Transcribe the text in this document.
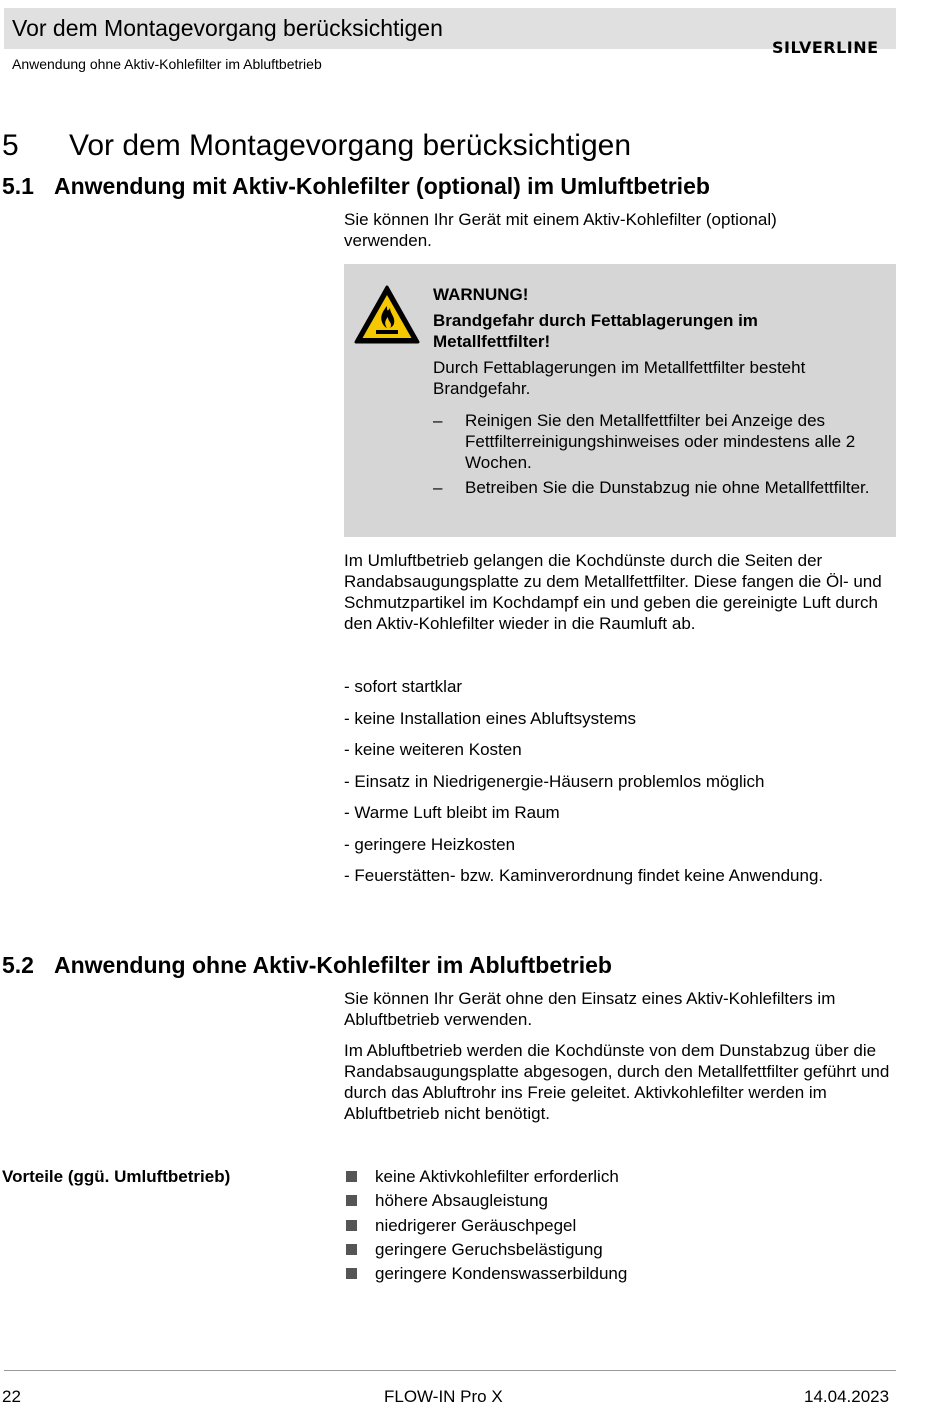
Vor dem Montagevorgang berücksichtigen
Anwendung ohne Aktiv-Kohlefilter im Abluftbetrieb
SILVERLINE
5 Vor dem Montagevorgang berücksichtigen
5.1 Anwendung mit Aktiv-Kohlefilter (optional) im Umluftbetrieb
Sie können Ihr Gerät mit einem Aktiv-Kohlefilter (optional) verwenden.

WARNUNG!

Brandgefahr durch Fettablagerungen im Metallfettfilter!

Durch Fettablagerungen im Metallfettfilter besteht Brandgefahr.

– Reinigen Sie den Metallfettfilter bei Anzeige des Fettfilterreinigungshinweises oder mindestens alle 2 Wochen.
– Betreiben Sie die Dunstabzug nie ohne Metallfettfilter.
Im Umluftbetrieb gelangen die Kochdünste durch die Seiten der Randabsaugungsplatte zu dem Metallfettfilter. Diese fangen die Öl- und Schmutzpartikel im Kochdampf ein und geben die gereinigte Luft durch den Aktiv-Kohlefilter wieder in die Raumluft ab.
- sofort startklar
- keine Installation eines Abluftsystems
- keine weiteren Kosten
- Einsatz in Niedrigenergie-Häusern problemlos möglich
- Warme Luft bleibt im Raum
- geringere Heizkosten
- Feuerstätten- bzw. Kaminverordnung findet keine Anwendung.
5.2 Anwendung ohne Aktiv-Kohlefilter im Abluftbetrieb
Sie können Ihr Gerät ohne den Einsatz eines Aktiv-Kohlefilters im Abluftbetrieb verwenden.
Im Abluftbetrieb werden die Kochdünste von dem Dunstabzug über die Randabsaugungsplatte abgesogen, durch den Metallfettfilter geführt und durch das Abluftrohr ins Freie geleitet. Aktivkohlefilter werden im Abluftbetrieb nicht benötigt.
Vorteile (ggü. Umluftbetrieb)	keine Aktivkohlefilter erforderlich
höhere Absaugleistung
niedrigerer Geräuschpegel
geringere Geruchsbelästigung
geringere Kondenswasserbildung
22	FLOW-IN Pro X	14.04.2023
